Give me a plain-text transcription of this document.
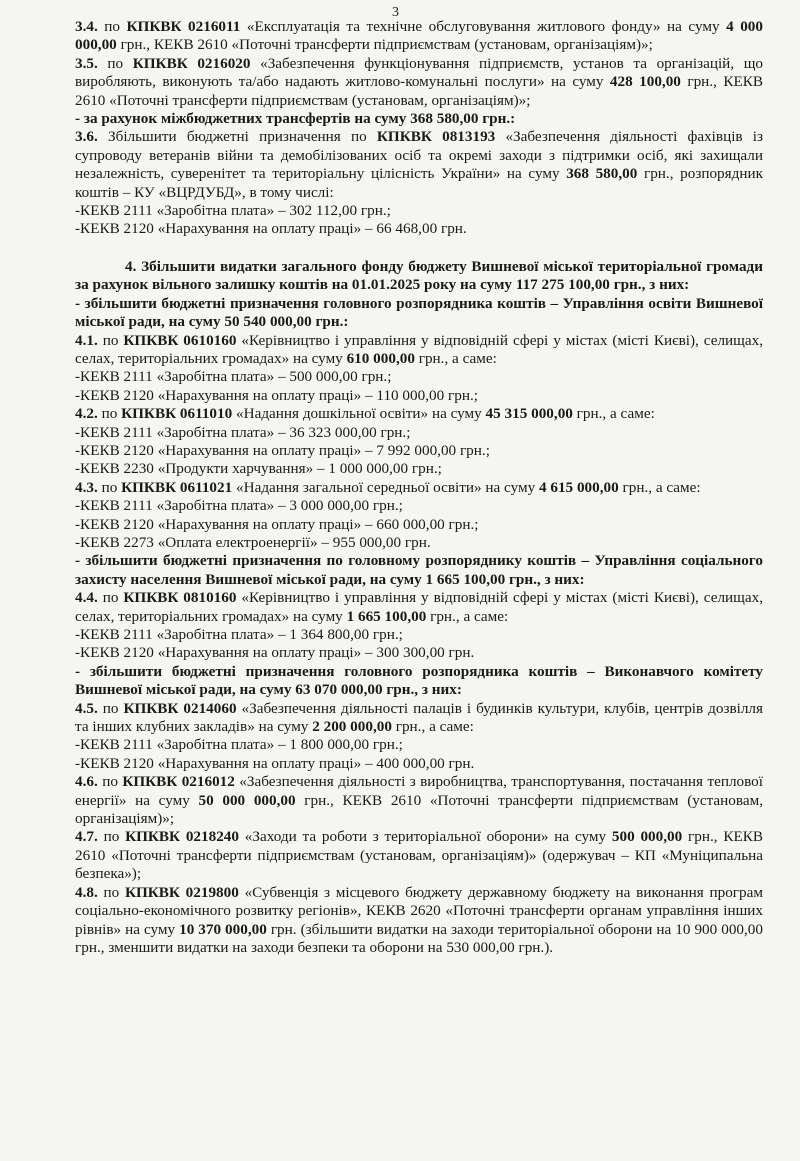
3

3.4. по КПКВК 0216011 «Експлуатація та технічне обслуговування житлового фонду» на суму 4 000 000,00 грн., КЕКВ 2610 «Поточні трансферти підприємствам (установам, організаціям)»;

3.5. по КПКВК 0216020 «Забезпечення функціонування підприємств, установ та організацій, що виробляють, виконують та/або надають житлово-комунальні послуги» на суму 428 100,00 грн., КЕКВ 2610 «Поточні трансферти підприємствам (установам, організаціям)»;

- за рахунок міжбюджетних трансфертів на суму 368 580,00 грн.:

3.6. Збільшити бюджетні призначення по КПКВК 0813193 «Забезпечення діяльності фахівців із супроводу ветеранів війни та демобілізованих осіб та окремі заходи з підтримки осіб, які захищали незалежність, суверенітет та територіальну цілісність України» на суму 368 580,00 грн., розпорядник коштів – КУ «ВЦРДУБД», в тому числі:

-КЕКВ 2111 «Заробітна плата» – 302 112,00 грн.;

-КЕКВ 2120 «Нарахування на оплату праці» – 66 468,00 грн.

4. Збільшити видатки загального фонду бюджету Вишневої міської територіальної громади за рахунок вільного залишку коштів на 01.01.2025 року на суму 117 275 100,00 грн., з них:

- збільшити бюджетні призначення головного розпорядника коштів – Управління освіти Вишневої міської ради, на суму 50 540 000,00 грн.:

4.1. по КПКВК 0610160 «Керівництво і управління у відповідній сфері у містах (місті Києві), селищах, селах, територіальних громадах» на суму 610 000,00 грн., а саме:

-КЕКВ 2111 «Заробітна плата» – 500 000,00 грн.;

-КЕКВ 2120 «Нарахування на оплату праці» – 110 000,00 грн.;

4.2. по КПКВК 0611010 «Надання дошкільної освіти» на суму 45 315 000,00 грн., а саме:

-КЕКВ 2111 «Заробітна плата» – 36 323 000,00 грн.;

-КЕКВ 2120 «Нарахування на оплату праці» – 7 992 000,00 грн.;

-КЕКВ 2230 «Продукти харчування» – 1 000 000,00 грн.;

4.3. по КПКВК 0611021 «Надання загальної середньої освіти» на суму 4 615 000,00 грн., а саме:

-КЕКВ 2111 «Заробітна плата» – 3 000 000,00 грн.;

-КЕКВ 2120 «Нарахування на оплату праці» – 660 000,00 грн.;

-КЕКВ 2273 «Оплата електроенергії» – 955 000,00 грн.

- збільшити бюджетні призначення по головному розпоряднику коштів – Управління соціального захисту населення Вишневої міської ради, на суму 1 665 100,00 грн., з них:

4.4. по КПКВК 0810160 «Керівництво і управління у відповідній сфері у містах (місті Києві), селищах, селах, територіальних громадах» на суму 1 665 100,00 грн., а саме:

-КЕКВ 2111 «Заробітна плата» – 1 364 800,00 грн.;

-КЕКВ 2120 «Нарахування на оплату праці» – 300 300,00 грн.

- збільшити бюджетні призначення головного розпорядника коштів – Виконавчого комітету Вишневої міської ради, на суму 63 070 000,00 грн., з них:

4.5. по КПКВК 0214060 «Забезпечення діяльності палаців і будинків культури, клубів, центрів дозвілля та інших клубних закладів» на суму 2 200 000,00 грн., а саме:

-КЕКВ 2111 «Заробітна плата» – 1 800 000,00 грн.;

-КЕКВ 2120 «Нарахування на оплату праці» – 400 000,00 грн.

4.6. по КПКВК 0216012 «Забезпечення діяльності з виробництва, транспортування, постачання теплової енергії» на суму 50 000 000,00 грн., КЕКВ 2610 «Поточні трансферти підприємствам (установам, організаціям)»;

4.7. по КПКВК 0218240 «Заходи та роботи з територіальної оборони» на суму 500 000,00 грн., КЕКВ 2610 «Поточні трансферти підприємствам (установам, організаціям)» (одержувач – КП «Муніципальна безпека»);

4.8. по КПКВК 0219800 «Субвенція з місцевого бюджету державному бюджету на виконання програм соціально-економічного розвитку регіонів», КЕКВ 2620 «Поточні трансферти органам управління інших рівнів» на суму 10 370 000,00 грн. (збільшити видатки на заходи територіальної оборони на 10 900 000,00 грн., зменшити видатки на заходи безпеки та оборони на 530 000,00 грн.).
